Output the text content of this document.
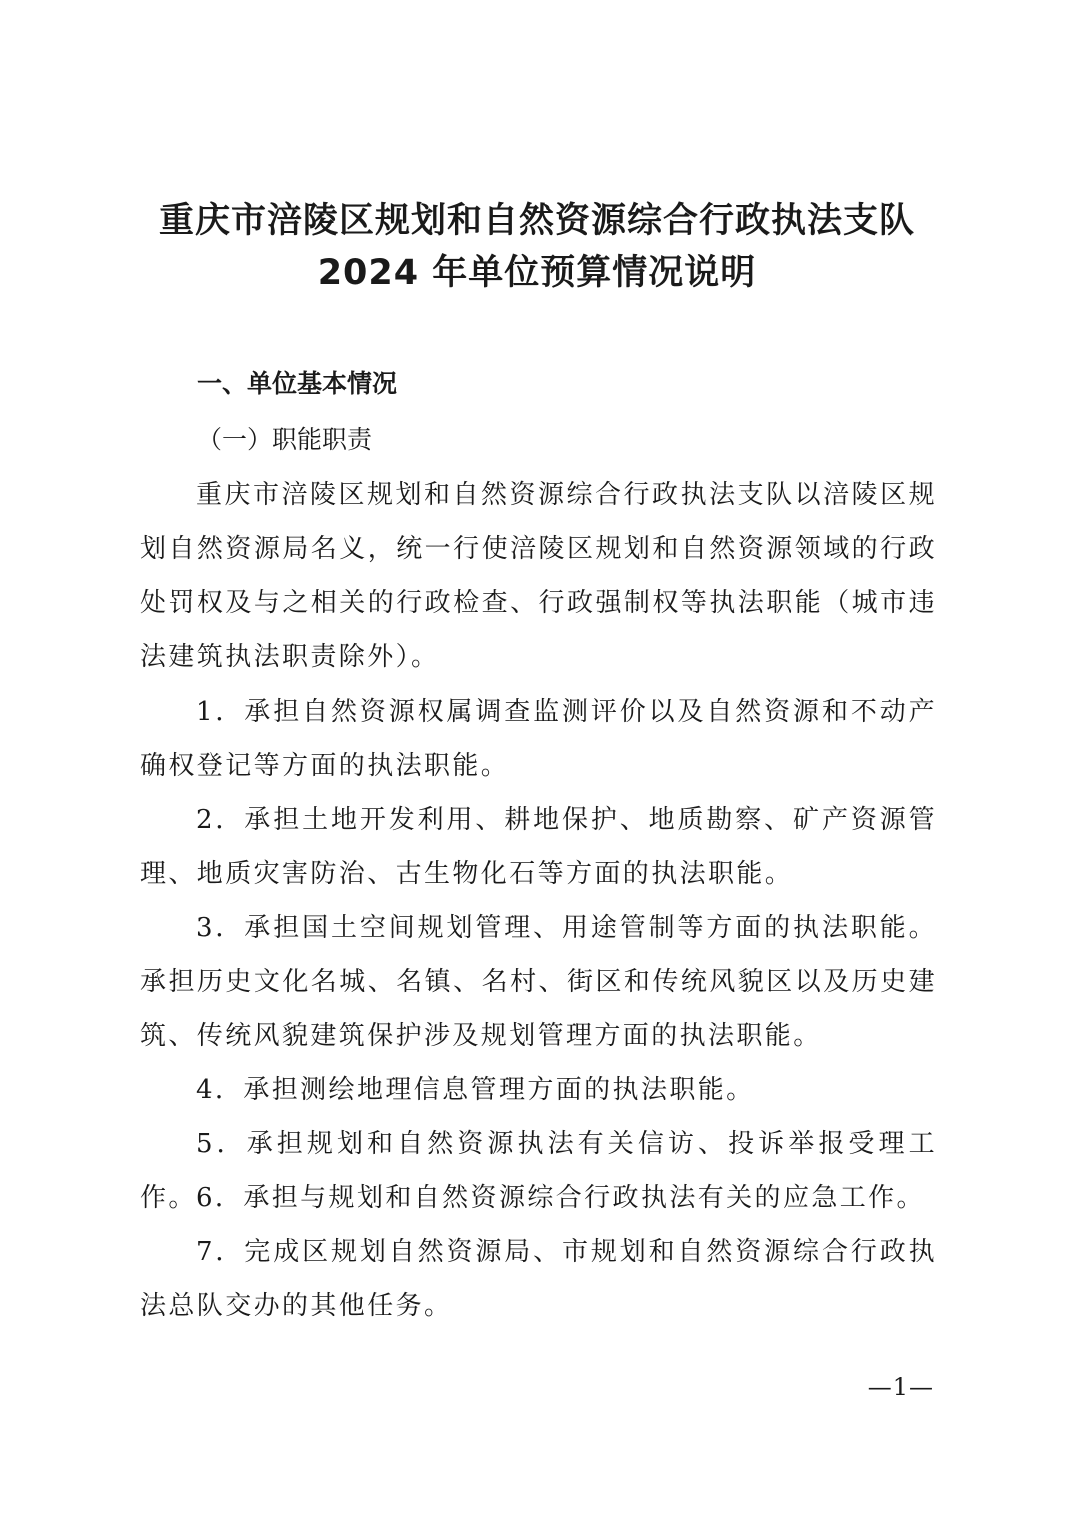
重庆市涪陵区规划和自然资源综合行政执法支队
2024 年单位预算情况说明
一、单位基本情况
（一）职能职责

重庆市涪陵区规划和自然资源综合行政执法支队以涪陵区规划自然资源局名义，统一行使涪陵区规划和自然资源领域的行政处罚权及与之相关的行政检查、行政强制权等执法职能（城市违法建筑执法职责除外）。

1．承担自然资源权属调查监测评价以及自然资源和不动产确权登记等方面的执法职能。

2．承担土地开发利用、耕地保护、地质勘察、矿产资源管理、地质灾害防治、古生物化石等方面的执法职能。

3．承担国土空间规划管理、用途管制等方面的执法职能。承担历史文化名城、名镇、名村、街区和传统风貌区以及历史建筑、传统风貌建筑保护涉及规划管理方面的执法职能。

4．承担测绘地理信息管理方面的执法职能。

5．承担规划和自然资源执法有关信访、投诉举报受理工作。 6．承担与规划和自然资源综合行政执法有关的应急工作。

7．完成区规划自然资源局、市规划和自然资源综合行政执法总队交办的其他任务。

—1—
